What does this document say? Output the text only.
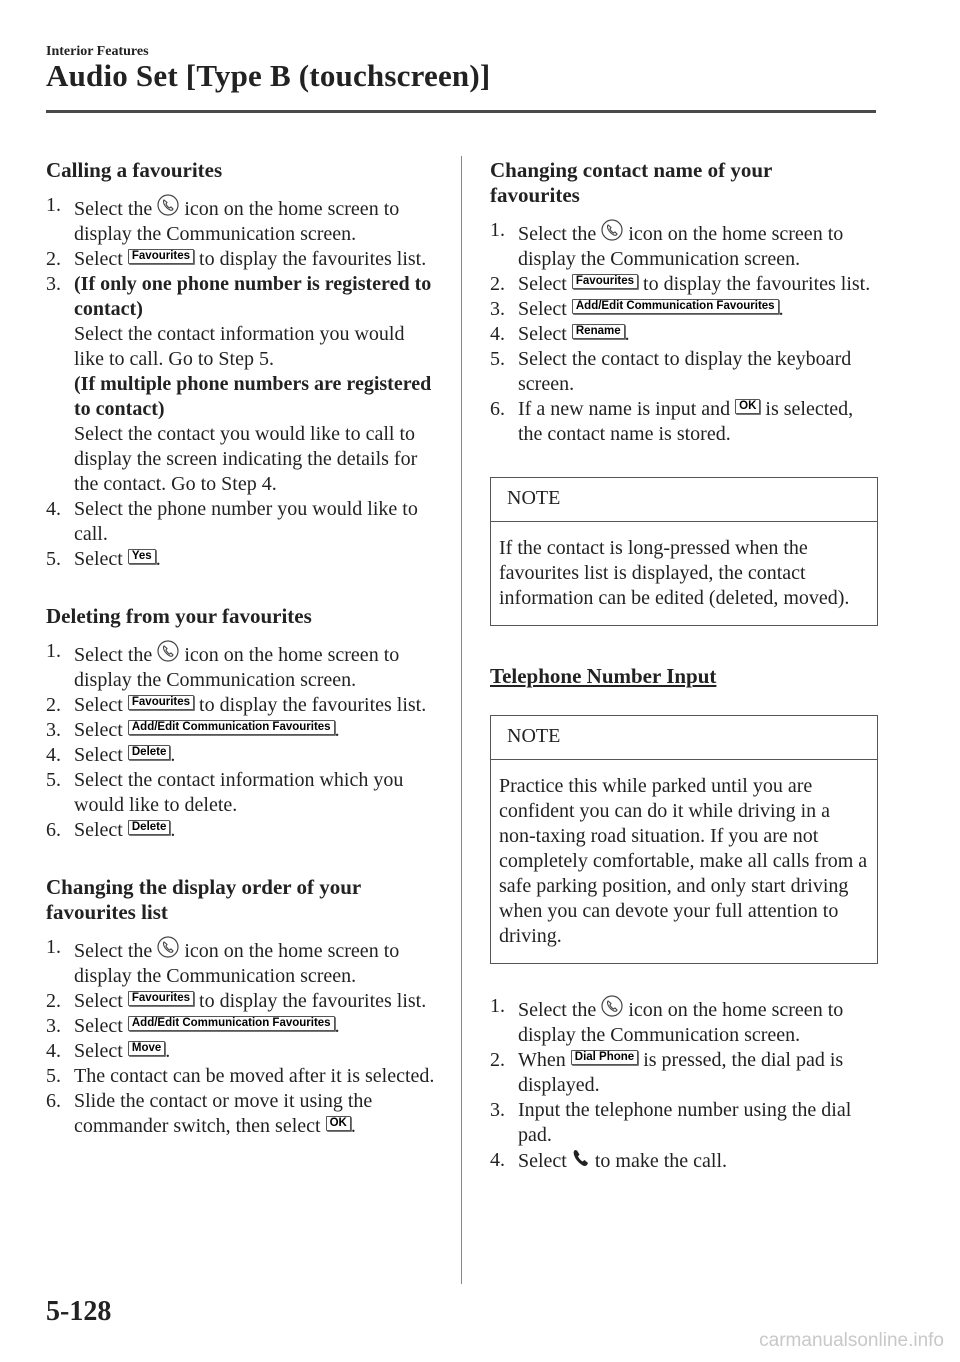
Interior Features
Audio Set [Type B (touchscreen)]
Calling a favourites
1. Select the icon on the home screen to display the Communication screen.
2. Select Favourites to display the favourites list.
3. (If only one phone number is registered to contact)
Select the contact information you would like to call. Go to Step 5.
(If multiple phone numbers are registered to contact)
Select the contact you would like to call to display the screen indicating the details for the contact. Go to Step 4.
4. Select the phone number you would like to call.
5. Select Yes .
Deleting from your favourites
1. Select the icon on the home screen to display the Communication screen.
2. Select Favourites to display the favourites list.
3. Select Add/Edit Communication Favourites .
4. Select Delete .
5. Select the contact information which you would like to delete.
6. Select Delete .
Changing the display order of your favourites list
1. Select the icon on the home screen to display the Communication screen.
2. Select Favourites to display the favourites list.
3. Select Add/Edit Communication Favourites .
4. Select Move .
5. The contact can be moved after it is selected.
6. Slide the contact or move it using the commander switch, then select OK .
Changing contact name of your favourites
1. Select the icon on the home screen to display the Communication screen.
2. Select Favourites to display the favourites list.
3. Select Add/Edit Communication Favourites .
4. Select Rename .
5. Select the contact to display the keyboard screen.
6. If a new name is input and OK is selected, the contact name is stored.
NOTE
If the contact is long-pressed when the favourites list is displayed, the contact information can be edited (deleted, moved).
Telephone Number Input
NOTE
Practice this while parked until you are confident you can do it while driving in a non-taxing road situation. If you are not completely comfortable, make all calls from a safe parking position, and only start driving when you can devote your full attention to driving.
1. Select the icon on the home screen to display the Communication screen.
2. When Dial Phone is pressed, the dial pad is displayed.
3. Input the telephone number using the dial pad.
4. Select to make the call.
5-128
carmanualsonline.info
